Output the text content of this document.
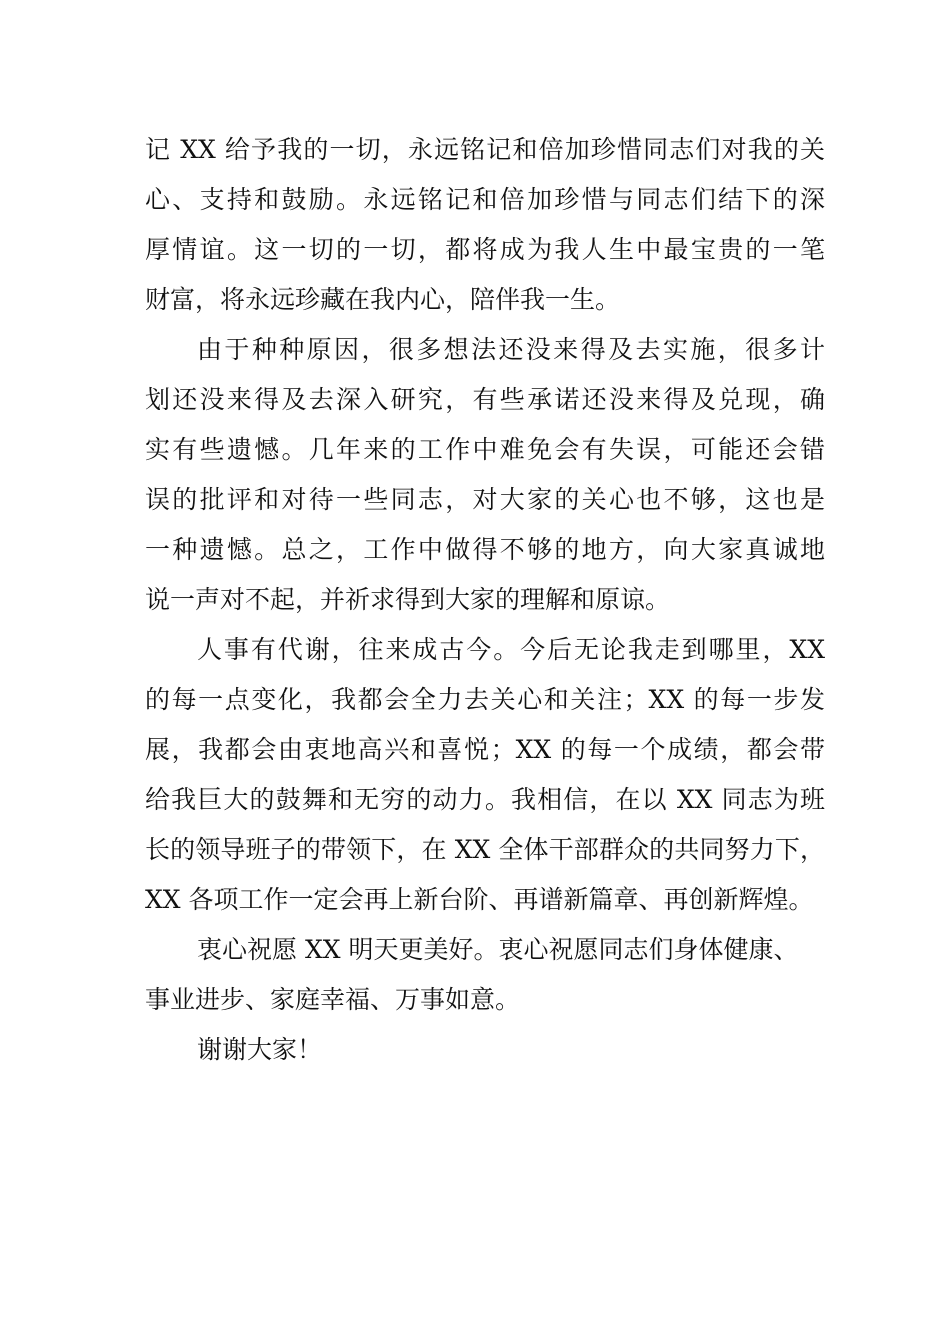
记 XX 给予我的一切，永远铭记和倍加珍惜同志们对我的关

心、支持和鼓励。永远铭记和倍加珍惜与同志们结下的深

厚情谊。这一切的一切，都将成为我人生中最宝贵的一笔

财富，将永远珍藏在我内心，陪伴我一生。

由于种种原因，很多想法还没来得及去实施，很多计

划还没来得及去深入研究，有些承诺还没来得及兑现，确

实有些遗憾。几年来的工作中难免会有失误，可能还会错

误的批评和对待一些同志，对大家的关心也不够，这也是

一种遗憾。总之，工作中做得不够的地方，向大家真诚地

说一声对不起，并祈求得到大家的理解和原谅。

人事有代谢，往来成古今。今后无论我走到哪里，XX

的每一点变化，我都会全力去关心和关注；XX 的每一步发

展，我都会由衷地高兴和喜悦；XX 的每一个成绩，都会带

给我巨大的鼓舞和无穷的动力。我相信，在以 XX 同志为班

长的领导班子的带领下，在 XX 全体干部群众的共同努力下，

XX 各项工作一定会再上新台阶、再谱新篇章、再创新辉煌。

衷心祝愿 XX 明天更美好。衷心祝愿同志们身体健康、

事业进步、家庭幸福、万事如意。

谢谢大家！
